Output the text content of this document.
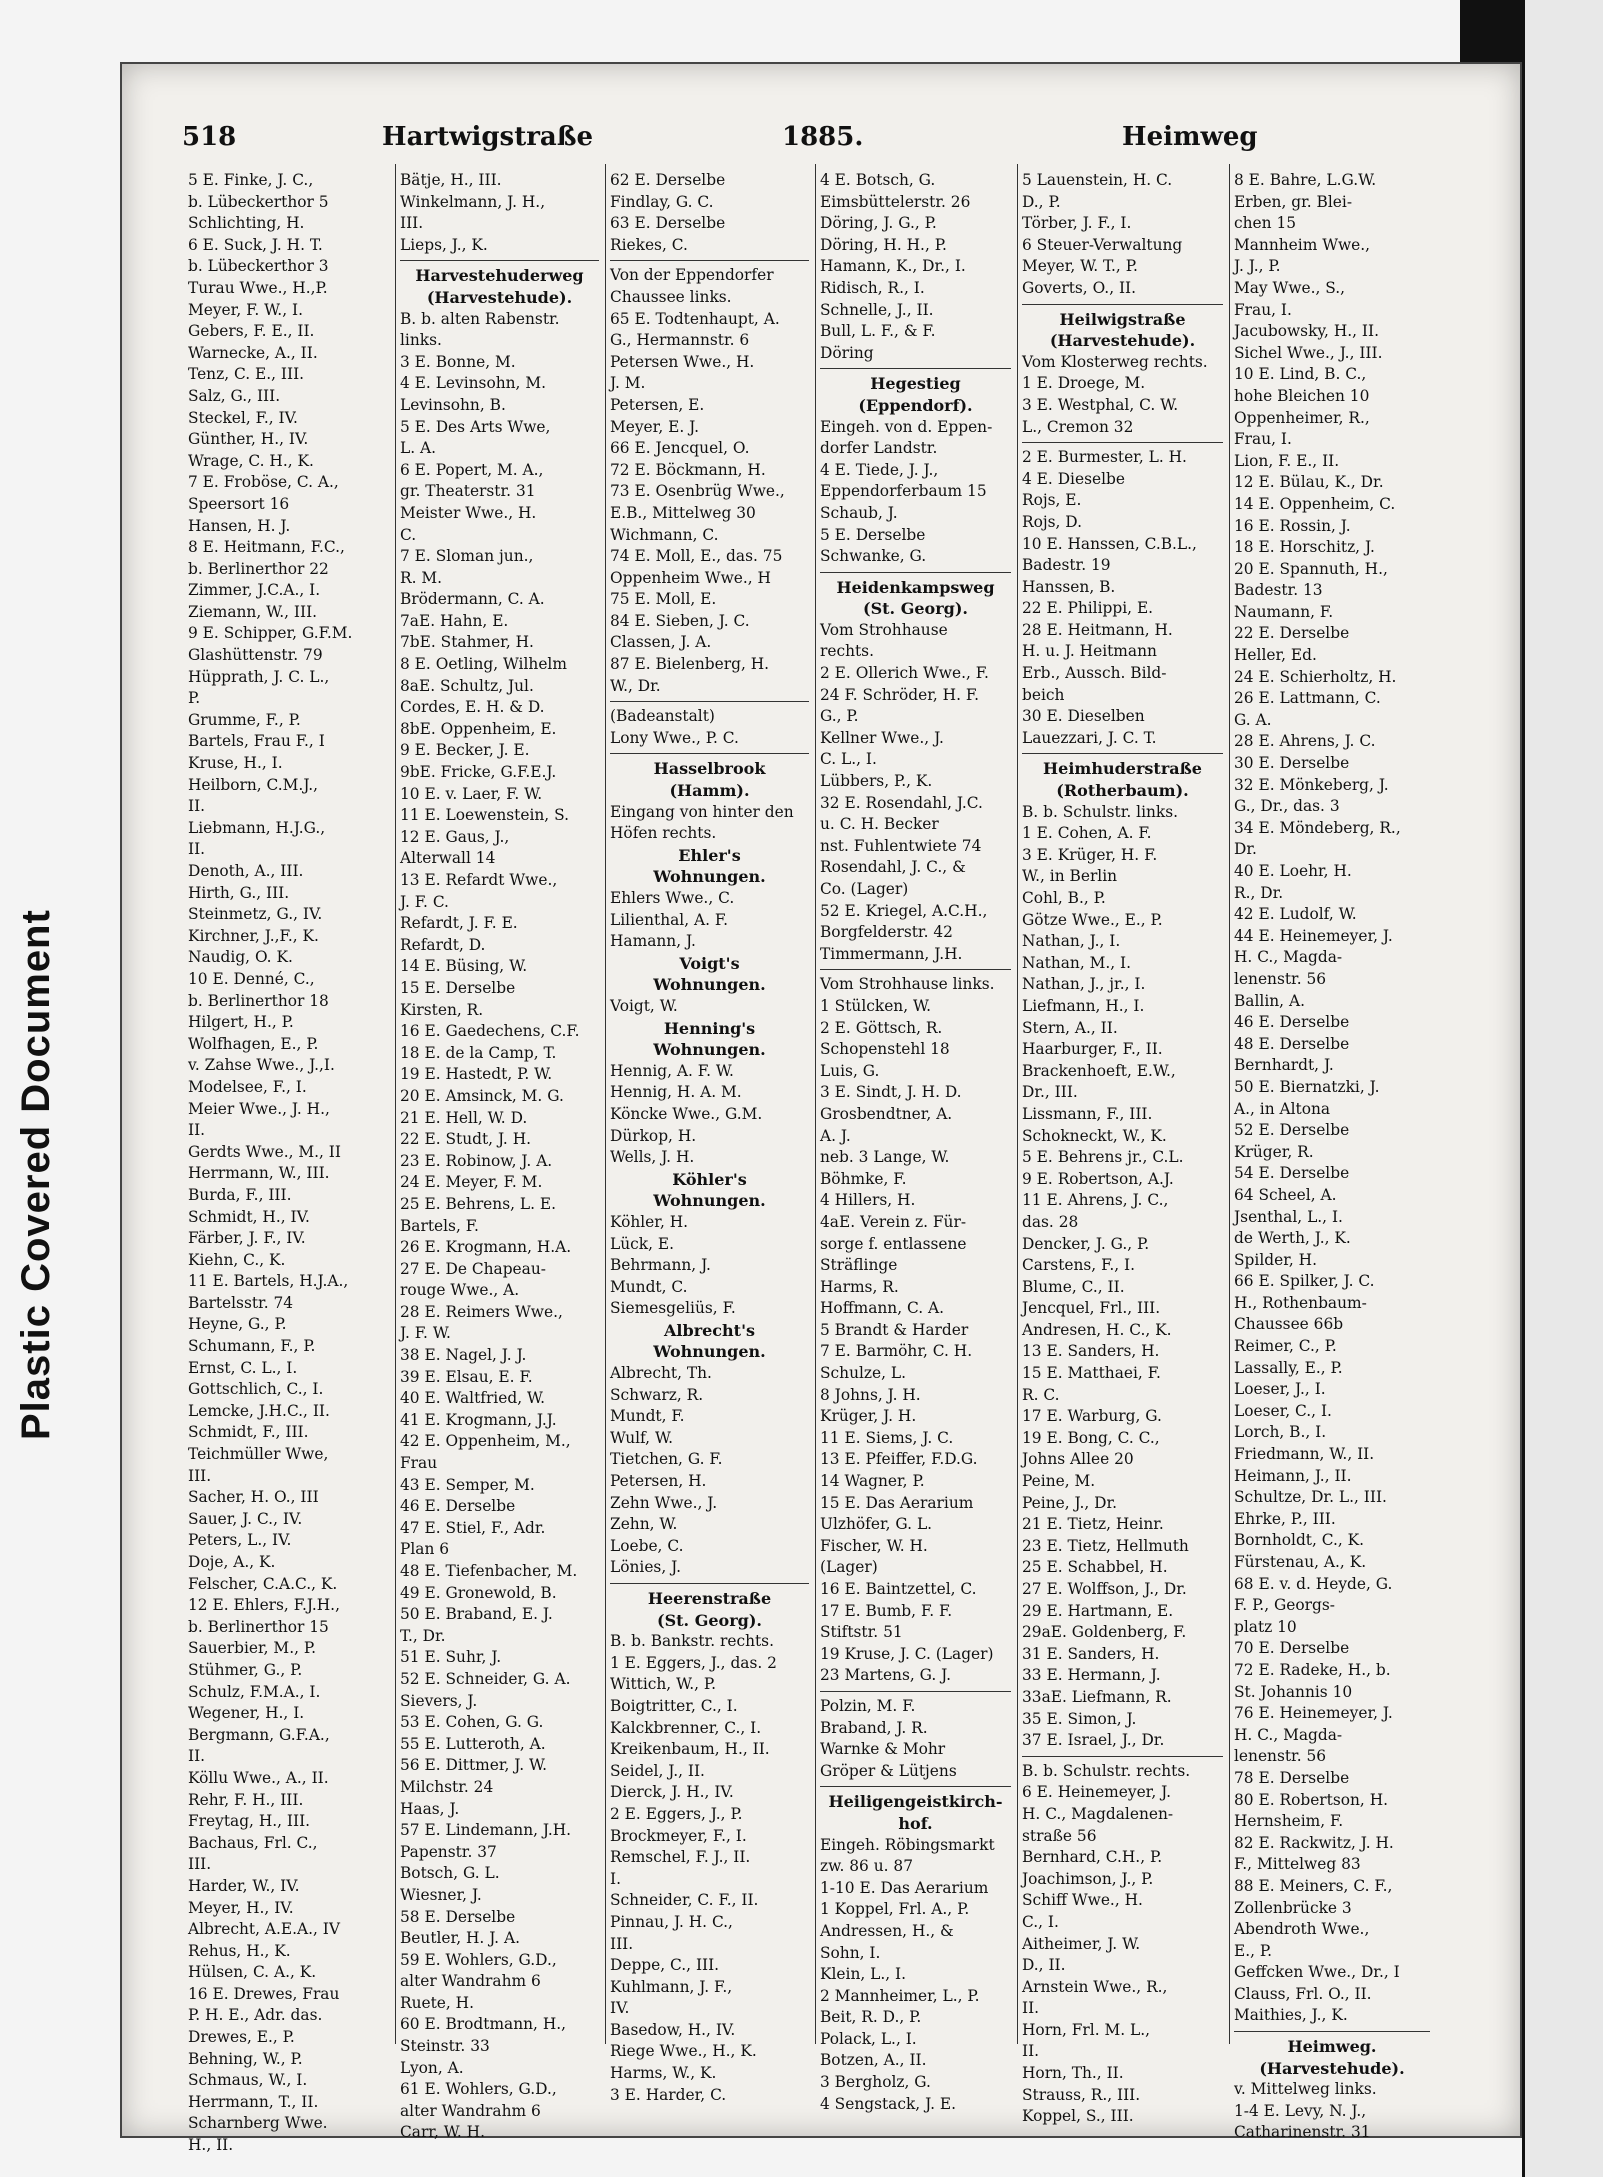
Plastic Covered Document
518	Hartwigstraße	1885.	Heimweg
5 E. Finke, J. C.,
b. Lübeckerthor 5
Schlichting, H.
6 E. Suck, J. H. T.
b. Lübeckerthor 3
Turau Wwe., H.,P.
Meyer, F. W., I.
Gebers, F. E., II.
Warnecke, A., II.
Tenz, C. E., III.
Salz, G., III.
Steckel, F., IV.
Günther, H., IV.
Wrage, C. H., K.
7 E. Froböse, C. A.,
Speersort 16
Hansen, H. J.
8 E. Heitmann, F.C.,
b. Berlinerthor 22
Zimmer, J.C.A., I.
Ziemann, W., III.
9 E. Schipper, G.F.M.
Glashüttenstr. 79
Hüpprath, J. C. L.,
P.
Grumme, F., P.
Bartels, Frau F., I
Kruse, H., I.
Heilborn, C.M.J.,
II.
Liebmann, H.J.G.,
II.
Denoth, A., III.
Hirth, G., III.
Steinmetz, G., IV.
Kirchner, J.,F., K.
Naudig, O. K.
10 E. Denné, C.,
b. Berlinerthor 18
Hilgert, H., P.
Wolfhagen, E., P.
v. Zahse Wwe., J.,I.
Modelsee, F., I.
Meier Wwe., J. H.,
II.
Gerdts Wwe., M., II
Herrmann, W., III.
Burda, F., III.
Schmidt, H., IV.
Färber, J. F., IV.
Kiehn, C., K.
11 E. Bartels, H.J.A.,
Bartelsstr. 74
Heyne, G., P.
Schumann, F., P.
Ernst, C. L., I.
Gottschlich, C., I.
Lemcke, J.H.C., II.
Schmidt, F., III.
Teichmüller Wwe,
III.
Sacher, H. O., III
Sauer, J. C., IV.
Peters, L., IV.
Doje, A., K.
Felscher, C.A.C., K.
12 E. Ehlers, F.J.H.,
b. Berlinerthor 15
Sauerbier, M., P.
Stühmer, G., P.
Schulz, F.M.A., I.
Wegener, H., I.
Bergmann, G.F.A.,
II.
Köllu Wwe., A., II.
Rehr, F. H., III.
Freytag, H., III.
Bachaus, Frl. C.,
III.
Harder, W., IV.
Meyer, H., IV.
Albrecht, A.E.A., IV
Rehus, H., K.
Hülsen, C. A., K.
16 E. Drewes, Frau
P. H. E., Adr. das.
Drewes, E., P.
Behning, W., P.
Schmaus, W., I.
Herrmann, T., II.
Scharnberg Wwe.
H., II.
Bätje, H., III.
Winkelmann, J. H.,
III.
Lieps, J., K.
Harvestehuderweg
(Harvestehude).
B. b. alten Rabenstr.
links.
3 E. Bonne, M.
4 E. Levinsohn, M.
Levinsohn, B.
5 E. Des Arts Wwe,
L. A.
6 E. Popert, M. A.,
gr. Theaterstr. 31
Meister Wwe., H.
C.
7 E. Sloman jun.,
R. M.
Brödermann, C. A.
7aE. Hahn, E.
7bE. Stahmer, H.
8 E. Oetling, Wilhelm
8aE. Schultz, Jul.
Cordes, E. H. & D.
8bE. Oppenheim, E.
9 E. Becker, J. E.
9bE. Fricke, G.F.E.J.
10 E. v. Laer, F. W.
11 E. Loewenstein, S.
12 E. Gaus, J.,
Alterwall 14
13 E. Refardt Wwe.,
J. F. C.
Refardt, J. F. E.
Refardt, D.
14 E. Büsing, W.
15 E. Derselbe
Kirsten, R.
16 E. Gaedechens, C.F.
18 E. de la Camp, T.
19 E. Hastedt, P. W.
20 E. Amsinck, M. G.
21 E. Hell, W. D.
22 E. Studt, J. H.
23 E. Robinow, J. A.
24 E. Meyer, F. M.
25 E. Behrens, L. E.
Bartels, F.
26 E. Krogmann, H.A.
27 E. De Chapeau-
rouge Wwe., A.
28 E. Reimers Wwe.,
J. F. W.
38 E. Nagel, J. J.
39 E. Elsau, E. F.
40 E. Waltfried, W.
41 E. Krogmann, J.J.
42 E. Oppenheim, M.,
Frau
43 E. Semper, M.
46 E. Derselbe
47 E. Stiel, F., Adr.
Plan 6
48 E. Tiefenbacher, M.
49 E. Gronewold, B.
50 E. Braband, E. J.
T., Dr.
51 E. Suhr, J.
52 E. Schneider, G. A.
Sievers, J.
53 E. Cohen, G. G.
55 E. Lutteroth, A.
56 E. Dittmer, J. W.
Milchstr. 24
Haas, J.
57 E. Lindemann, J.H.
Papenstr. 37
Botsch, G. L.
Wiesner, J.
58 E. Derselbe
Beutler, H. J. A.
59 E. Wohlers, G.D.,
alter Wandrahm 6
Ruete, H.
60 E. Brodtmann, H.,
Steinstr. 33
Lyon, A.
61 E. Wohlers, G.D.,
alter Wandrahm 6
Carr, W. H.
62 E. Derselbe
Findlay, G. C.
63 E. Derselbe
Riekes, C.
Von der Eppendorfer
Chaussee links.
65 E. Todtenhaupt, A.
G., Hermannstr. 6
Petersen Wwe., H.
J. M.
Petersen, E.
Meyer, E. J.
66 E. Jencquel, O.
72 E. Böckmann, H.
73 E. Osenbrüg Wwe.,
E.B., Mittelweg 30
Wichmann, C.
74 E. Moll, E., das. 75
Oppenheim Wwe., H
75 E. Moll, E.
84 E. Sieben, J. C.
Classen, J. A.
87 E. Bielenberg, H.
W., Dr.
(Badeanstalt)
Lony Wwe., P. C.
Hasselbrook
(Hamm).
Eingang von hinter den
Höfen rechts.
Ehler's
Wohnungen.
Ehlers Wwe., C.
Lilienthal, A. F.
Hamann, J.
Voigt's
Wohnungen.
Voigt, W.
Henning's
Wohnungen.
Hennig, A. F. W.
Hennig, H. A. M.
Köncke Wwe., G.M.
Dürkop, H.
Wells, J. H.
Köhler's
Wohnungen.
Köhler, H.
Lück, E.
Behrmann, J.
Mundt, C.
Siemesgeliüs, F.
Albrecht's
Wohnungen.
Albrecht, Th.
Schwarz, R.
Mundt, F.
Wulf, W.
Tietchen, G. F.
Petersen, H.
Zehn Wwe., J.
Zehn, W.
Loebe, C.
Lönies, J.
Heerenstraße
(St. Georg).
B. b. Bankstr. rechts.
1 E. Eggers, J., das. 2
Wittich, W., P.
Boigtritter, C., I.
Kalckbrenner, C., I.
Kreikenbaum, H., II.
Seidel, J., II.
Dierck, J. H., IV.
2 E. Eggers, J., P.
Brockmeyer, F., I.
Remschel, F. J., II.
I.
Schneider, C. F., II.
Pinnau, J. H. C.,
III.
Deppe, C., III.
Kuhlmann, J. F.,
IV.
Basedow, H., IV.
Riege Wwe., H., K.
Harms, W., K.
3 E. Harder, C.
4 E. Botsch, G.
Eimsbüttelerstr. 26
Döring, J. G., P.
Döring, H. H., P.
Hamann, K., Dr., I.
Ridisch, R., I.
Schnelle, J., II.
Bull, L. F., & F.
Döring
Hegestieg
(Eppendorf).
Eingeh. von d. Eppen-
dorfer Landstr.
4 E. Tiede, J. J.,
Eppendorferbaum 15
Schaub, J.
5 E. Derselbe
Schwanke, G.
Heidenkampsweg
(St. Georg).
Vom Strohhause
rechts.
2 E. Ollerich Wwe., F.
24 F. Schröder, H. F.
G., P.
Kellner Wwe., J.
C. L., I.
Lübbers, P., K.
32 E. Rosendahl, J.C.
u. C. H. Becker
nst. Fuhlentwiete 74
Rosendahl, J. C., &
Co. (Lager)
52 E. Kriegel, A.C.H.,
Borgfelderstr. 42
Timmermann, J.H.
Vom Strohhause links.
1 Stülcken, W.
2 E. Göttsch, R.
Schopenstehl 18
Luis, G.
3 E. Sindt, J. H. D.
Grosbendtner, A.
A. J.
neb. 3 Lange, W.
Böhmke, F.
4 Hillers, H.
4aE. Verein z. Für-
sorge f. entlassene
Sträflinge
Harms, R.
Hoffmann, C. A.
5 Brandt & Harder
7 E. Barmöhr, C. H.
Schulze, L.
8 Johns, J. H.
Krüger, J. H.
11 E. Siems, J. C.
13 E. Pfeiffer, F.D.G.
14 Wagner, P.
15 E. Das Aerarium
Ulzhöfer, G. L.
Fischer, W. H.
(Lager)
16 E. Baintzettel, C.
17 E. Bumb, F. F.
Stiftstr. 51
19 Kruse, J. C. (Lager)
23 Martens, G. J.
Polzin, M. F.
Braband, J. R.
Warnke & Mohr
Gröper & Lütjens
Heiligengeistkirch-
hof.
Eingeh. Röbingsmarkt
zw. 86 u. 87
1-10 E. Das Aerarium
1 Koppel, Frl. A., P.
Andressen, H., &
Sohn, I.
Klein, L., I.
2 Mannheimer, L., P.
Beit, R. D., P.
Polack, L., I.
Botzen, A., II.
3 Bergholz, G.
4 Sengstack, J. E.
5 Lauenstein, H. C.
D., P.
Törber, J. F., I.
6 Steuer-Verwaltung
Meyer, W. T., P.
Goverts, O., II.
Heilwigstraße
(Harvestehude).
Vom Klosterweg rechts.
1 E. Droege, M.
3 E. Westphal, C. W.
L., Cremon 32
2 E. Burmester, L. H.
4 E. Dieselbe
Rojs, E.
Rojs, D.
10 E. Hanssen, C.B.L.,
Badestr. 19
Hanssen, B.
22 E. Philippi, E.
28 E. Heitmann, H.
H. u. J. Heitmann
Erb., Aussch. Bild-
beich
30 E. Dieselben
Lauezzari, J. C. T.
Heimhuderstraße
(Rotherbaum).
B. b. Schulstr. links.
1 E. Cohen, A. F.
3 E. Krüger, H. F.
W., in Berlin
Cohl, B., P.
Götze Wwe., E., P.
Nathan, J., I.
Nathan, M., I.
Nathan, J., jr., I.
Liefmann, H., I.
Stern, A., II.
Haarburger, F., II.
Brackenhoeft, E.W.,
Dr., III.
Lissmann, F., III.
Schokneckt, W., K.
5 E. Behrens jr., C.L.
9 E. Robertson, A.J.
11 E. Ahrens, J. C.,
das. 28
Dencker, J. G., P.
Carstens, F., I.
Blume, C., II.
Jencquel, Frl., III.
Andresen, H. C., K.
13 E. Sanders, H.
15 E. Matthaei, F.
R. C.
17 E. Warburg, G.
19 E. Bong, C. C.,
Johns Allee 20
Peine, M.
Peine, J., Dr.
21 E. Tietz, Heinr.
23 E. Tietz, Hellmuth
25 E. Schabbel, H.
27 E. Wolffson, J., Dr.
29 E. Hartmann, E.
29aE. Goldenberg, F.
31 E. Sanders, H.
33 E. Hermann, J.
33aE. Liefmann, R.
35 E. Simon, J.
37 E. Israel, J., Dr.
B. b. Schulstr. rechts.
6 E. Heinemeyer, J.
H. C., Magdalenen-
straße 56
Bernhard, C.H., P.
Joachimson, J., P.
Schiff Wwe., H.
C., I.
Aitheimer, J. W.
D., II.
Arnstein Wwe., R.,
II.
Horn, Frl. M. L.,
II.
Horn, Th., II.
Strauss, R., III.
Koppel, S., III.
8 E. Bahre, L.G.W.
Erben, gr. Blei-
chen 15
Mannheim Wwe.,
J. J., P.
May Wwe., S.,
Frau, I.
Jacubowsky, H., II.
Sichel Wwe., J., III.
10 E. Lind, B. C.,
hohe Bleichen 10
Oppenheimer, R.,
Frau, I.
Lion, F. E., II.
12 E. Bülau, K., Dr.
14 E. Oppenheim, C.
16 E. Rossin, J.
18 E. Horschitz, J.
20 E. Spannuth, H.,
Badestr. 13
Naumann, F.
22 E. Derselbe
Heller, Ed.
24 E. Schierholtz, H.
26 E. Lattmann, C.
G. A.
28 E. Ahrens, J. C.
30 E. Derselbe
32 E. Mönkeberg, J.
G., Dr., das. 3
34 E. Möndeberg, R.,
Dr.
40 E. Loehr, H.
R., Dr.
42 E. Ludolf, W.
44 E. Heinemeyer, J.
H. C., Magda-
lenenstr. 56
Ballin, A.
46 E. Derselbe
48 E. Derselbe
Bernhardt, J.
50 E. Biernatzki, J.
A., in Altona
52 E. Derselbe
Krüger, R.
54 E. Derselbe
64 Scheel, A.
Jsenthal, L., I.
de Werth, J., K.
Spilder, H.
66 E. Spilker, J. C.
H., Rothenbaum-
Chaussee 66b
Reimer, C., P.
Lassally, E., P.
Loeser, J., I.
Loeser, C., I.
Lorch, B., I.
Friedmann, W., II.
Heimann, J., II.
Schultze, Dr. L., III.
Ehrke, P., III.
Bornholdt, C., K.
Fürstenau, A., K.
68 E. v. d. Heyde, G.
F. P., Georgs-
platz 10
70 E. Derselbe
72 E. Radeke, H., b.
St. Johannis 10
76 E. Heinemeyer, J.
H. C., Magda-
lenenstr. 56
78 E. Derselbe
80 E. Robertson, H.
Hernsheim, F.
82 E. Rackwitz, J. H.
F., Mittelweg 83
88 E. Meiners, C. F.,
Zollenbrücke 3
Abendroth Wwe.,
E., P.
Geffcken Wwe., Dr., I
Clauss, Frl. O., II.
Maithies, J., K.
Heimweg.
(Harvestehude).
v. Mittelweg links.
1-4 E. Levy, N. J.,
Catharinenstr. 31
